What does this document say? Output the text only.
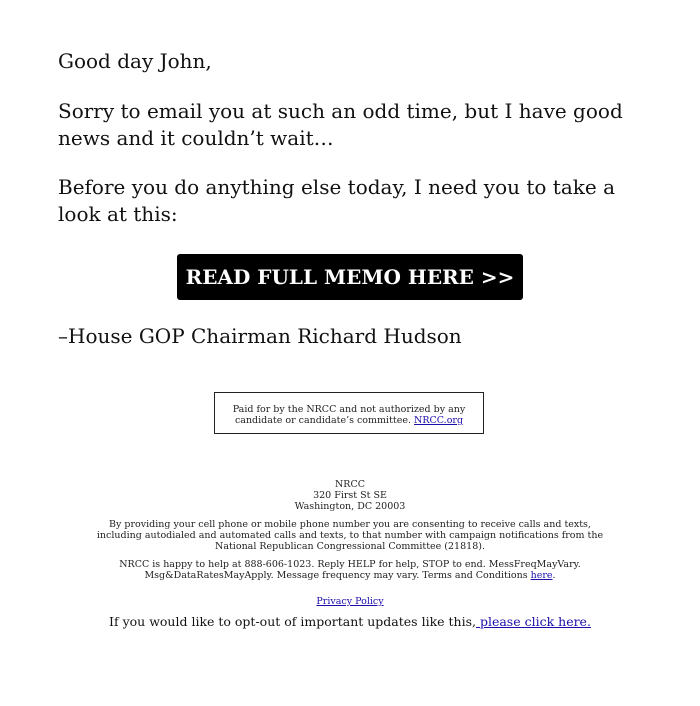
Good day John,

Sorry to email you at such an odd time, but I have good news and it couldn’t wait…

Before you do anything else today, I need you to take a look at this:

READ FULL MEMO HERE >>

–House GOP Chairman Richard Hudson

Paid for by the NRCC and not authorized by any candidate or candidate’s committee. NRCC.org

NRCC

320 First St SE

Washington, DC 20003

By providing your cell phone or mobile phone number you are consenting to receive calls and texts, including autodialed and automated calls and texts, to that number with campaign notifications from the National Republican Congressional Committee (21818).

NRCC is happy to help at 888-606-1023. Reply HELP for help, STOP to end. MessFreqMayVary. Msg&DataRatesMayApply. Message frequency may vary. Terms and Conditions here.

Privacy Policy
If you would like to opt-out of important updates like this, please click here.
